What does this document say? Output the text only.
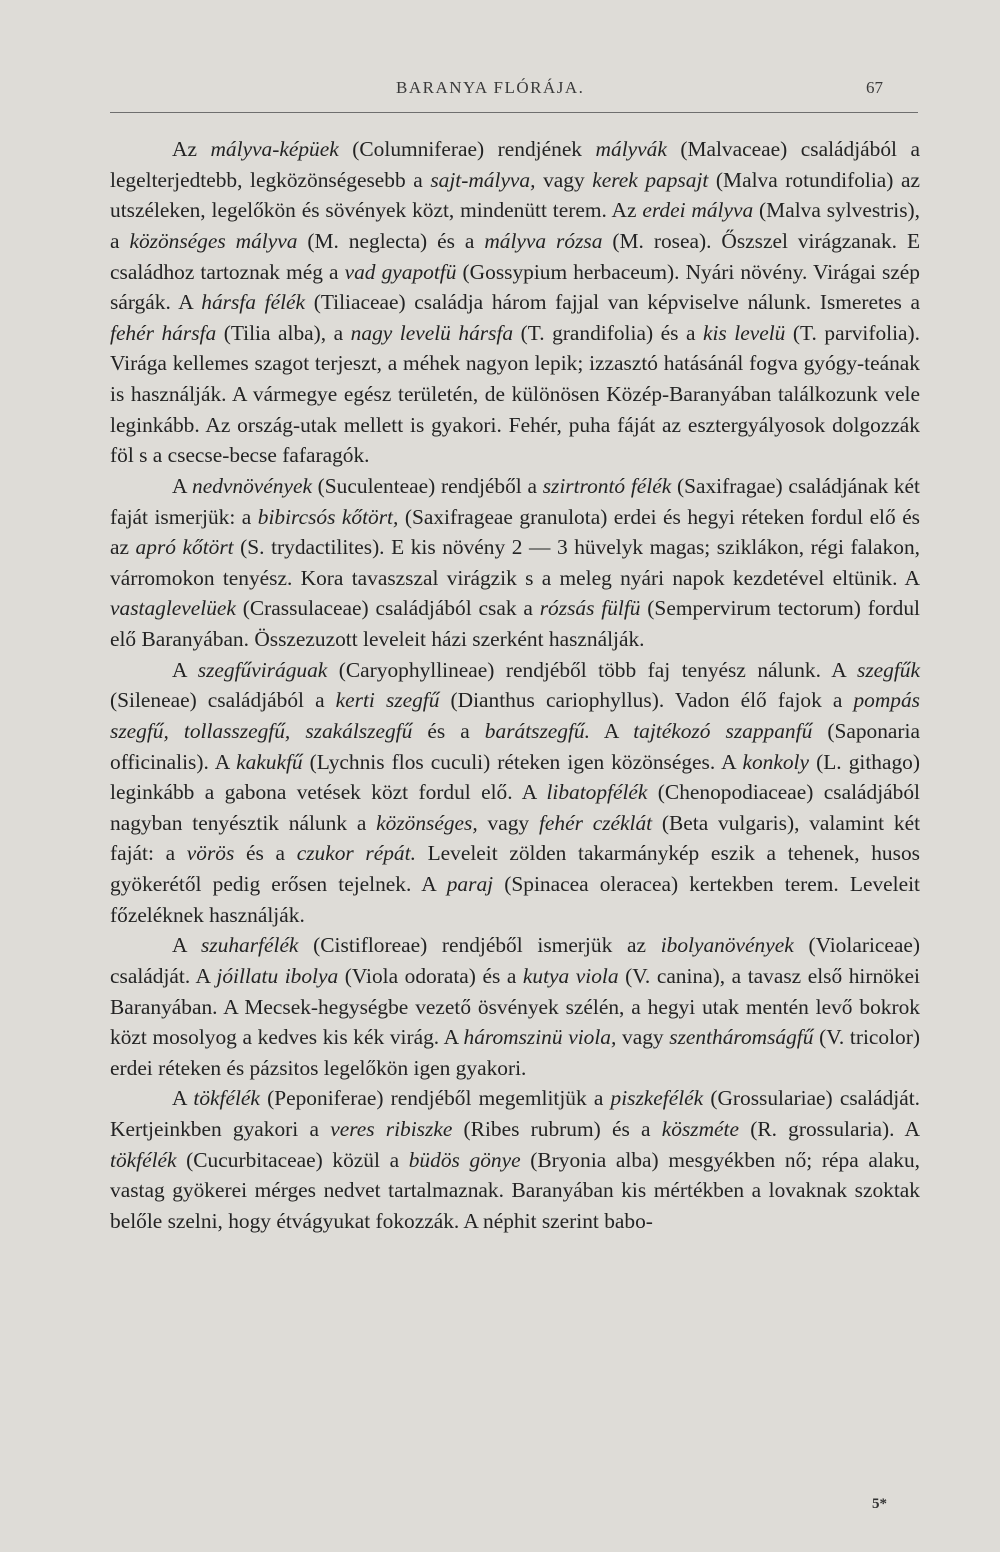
BARANYA FLÓRÁJA.	67

Az mályva-képüek (Columniferae) rendjének mályvák (Malvaceae) családjából a legelterjedtebb, legközönségesebb a sajt-mályva, vagy kerek papsajt (Malva rotundifolia) az utszéleken, legelőkön és sövények közt, mindenütt terem. Az erdei mályva (Malva sylvestris), a közönséges mályva (M. neglecta) és a mályva rózsa (M. rosea). Őszszel virágzanak. E családhoz tartoznak még a vad gyapotfü (Gossypium herbaceum). Nyári növény. Virágai szép sárgák. A hársfa félék (Tiliaceae) családja három fajjal van képviselve nálunk. Ismeretes a fehér hársfa (Tilia alba), a nagy levelü hársfa (T. grandifolia) és a kis levelü (T. parvifolia). Virága kellemes szagot terjeszt, a méhek nagyon lepik; izzasztó hatásánál fogva gyógy-teának is használják. A vármegye egész területén, de különösen Közép-Baranyában találkozunk vele leginkább. Az ország-utak mellett is gyakori. Fehér, puha fáját az esztergyályosok dolgozzák föl s a csecse-becse fafaragók.

A nedvnövények (Suculenteae) rendjéből a szirtrontó félék (Saxifragae) családjának két faját ismerjük: a bibircsós kőtört, (Saxifrageae granulota) erdei és hegyi réteken fordul elő és az apró kőtört (S. trydactilites). E kis növény 2 — 3 hüvelyk magas; sziklákon, régi falakon, várromokon tenyész. Kora tavaszszal virágzik s a meleg nyári napok kezdetével eltünik. A vastaglevelüek (Crassulaceae) családjából csak a rózsás fülfü (Sempervirum tectorum) fordul elő Baranyában. Összezuzott leveleit házi szerként használják.

A szegfűviráguak (Caryophyllineae) rendjéből több faj tenyész nálunk. A szegfűk (Sileneae) családjából a kerti szegfű (Dianthus cariophyllus). Vadon élő fajok a pompás szegfű, tollasszegfű, szakálszegfű és a barátszegfű. A tajtékozó szappanfű (Saponaria officinalis). A kakukfű (Lychnis flos cuculi) réteken igen közönséges. A konkoly (L. githago) leginkább a gabona vetések közt fordul elő. A libatopfélék (Chenopodiaceae) családjából nagyban tenyésztik nálunk a közönséges, vagy fehér czéklát (Beta vulgaris), valamint két faját: a vörös és a czukor répát. Leveleit zölden takarmánykép eszik a tehenek, husos gyökerétől pedig erősen tejelnek. A paraj (Spinacea oleracea) kertekben terem. Leveleit főzeléknek használják.

A szuharfélék (Cistifloreae) rendjéből ismerjük az ibolyanövények (Violariceae) családját. A jóillatu ibolya (Viola odorata) és a kutya viola (V. canina), a tavasz első hirnökei Baranyában. A Mecsek-hegységbe vezető ösvények szélén, a hegyi utak mentén levő bokrok közt mosolyog a kedves kis kék virág. A háromszinü viola, vagy szentháromságfű (V. tricolor) erdei réteken és pázsitos legelőkön igen gyakori.

A tökfélék (Peponiferae) rendjéből megemlitjük a piszkefélék (Grossulariae) családját. Kertjeinkben gyakori a veres ribiszke (Ribes rubrum) és a köszméte (R. grossularia). A tökfélék (Cucurbitaceae) közül a büdös gönye (Bryonia alba) mesgyékben nő; répa alaku, vastag gyökerei mérges nedvet tartalmaznak. Baranyában kis mértékben a lovaknak szoktak belőle szelni, hogy étvágyukat fokozzák. A néphit szerint babo-

5*
